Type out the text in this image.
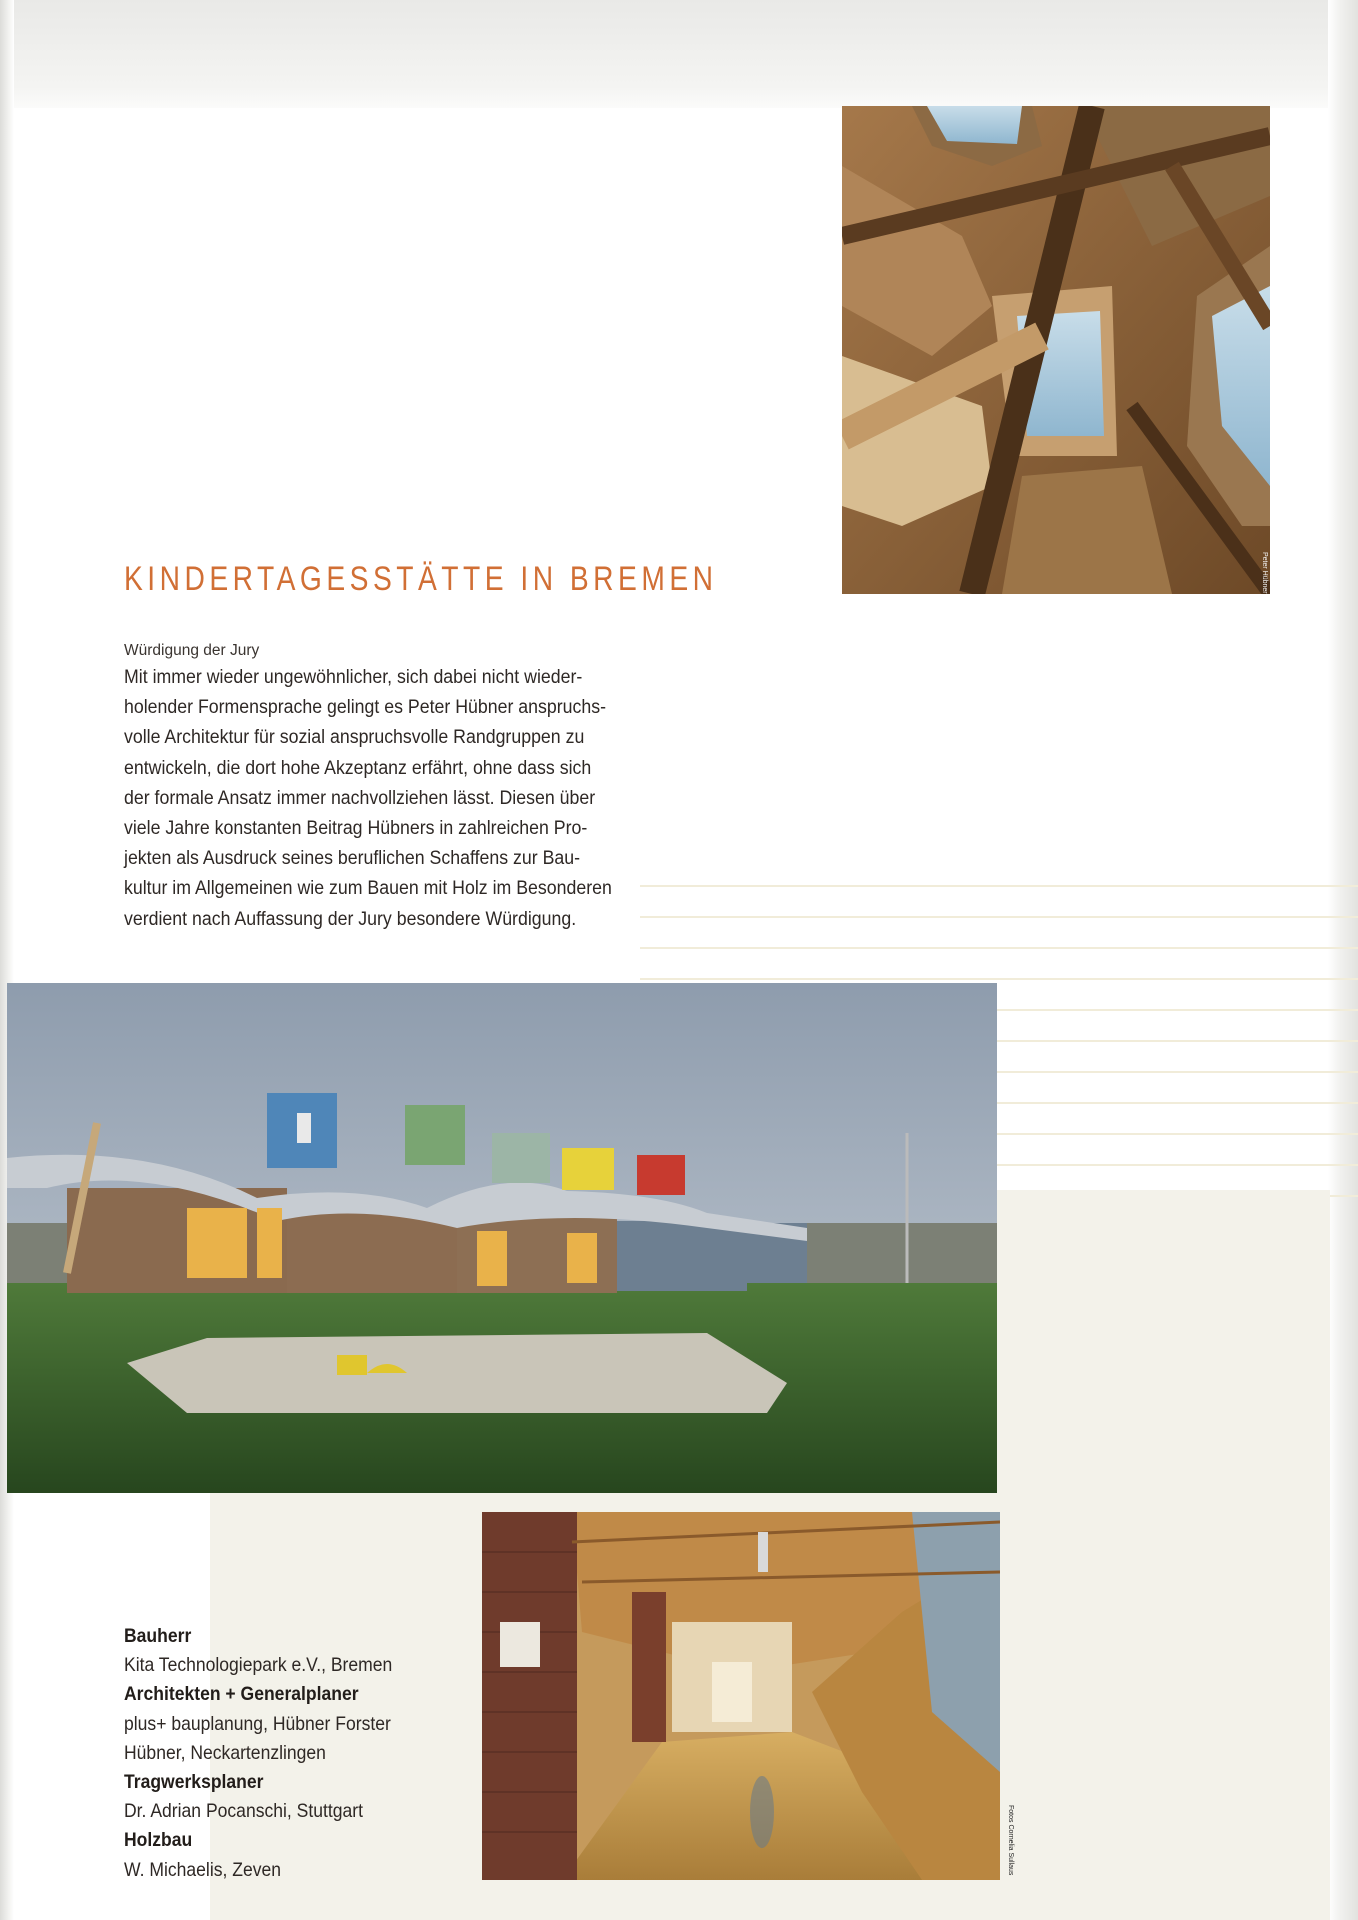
Peter Hübner
KINDERTAGESSTÄTTE IN BREMEN
Würdigung der Jury
Mit immer wieder ungewöhnlicher, sich dabei nicht wieder-
holender Formensprache gelingt es Peter Hübner anspruchs-
volle Architektur für sozial anspruchsvolle Randgruppen zu
entwickeln, die dort hohe Akzeptanz erfährt, ohne dass sich
der formale Ansatz immer nachvollziehen lässt. Diesen über
viele Jahre konstanten Beitrag Hübners in zahlreichen Pro-
jekten als Ausdruck seines beruflichen Schaffens zur Bau-
kultur im Allgemeinen wie zum Bauen mit Holz im Besonderen
verdient nach Auffassung der Jury besondere Würdigung.
Fotos Cornelia Sullaus
Bauherr
Kita Technologiepark e.V., Bremen
Architekten + Generalplaner
plus+ bauplanung, Hübner Forster
Hübner, Neckartenzlingen
Tragwerksplaner
Dr. Adrian Pocanschi, Stuttgart
Holzbau
W. Michaelis, Zeven
